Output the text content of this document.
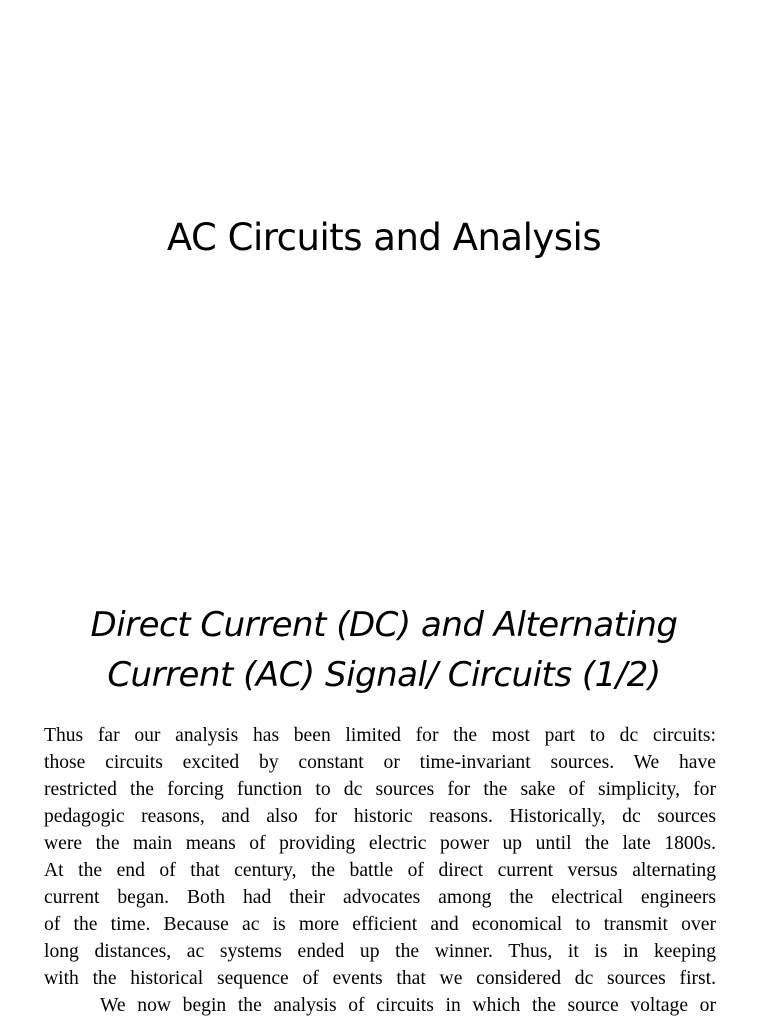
AC Circuits and Analysis
Direct Current (DC) and Alternating
Current (AC) Signal/ Circuits (1/2)
Thus far our analysis has been limited for the most part to dc circuits:
those circuits excited by constant or time-invariant sources. We have
restricted the forcing function to dc sources for the sake of simplicity, for
pedagogic reasons, and also for historic reasons. Historically, dc sources
were the main means of providing electric power up until the late 1800s.
At the end of that century, the battle of direct current versus alternating
current began. Both had their advocates among the electrical engineers
of the time. Because ac is more efficient and economical to transmit over
long distances, ac systems ended up the winner. Thus, it is in keeping
with the historical sequence of events that we considered dc sources first.
We now begin the analysis of circuits in which the source voltage or
